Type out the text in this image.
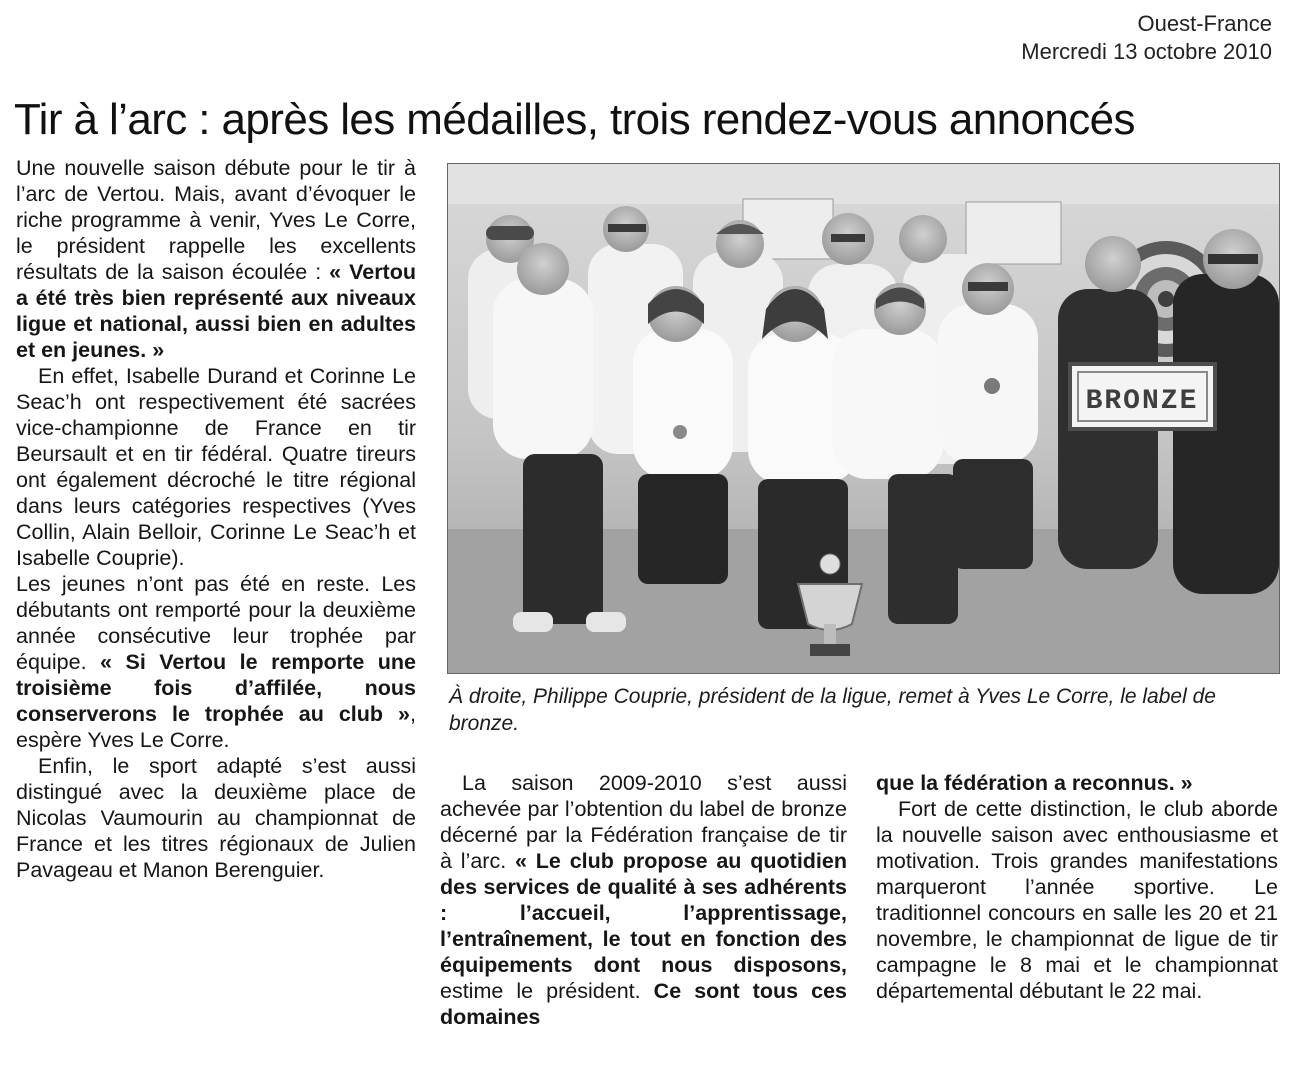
Ouest-France
Mercredi 13 octobre 2010
Tir à l’arc : après les médailles, trois rendez-vous annoncés

Une nouvelle saison débute pour le tir à l’arc de Vertou. Mais, avant d’évoquer le riche programme à venir, Yves Le Corre, le président rappelle les excellents résultats de la saison écoulée : « Vertou a été très bien représenté aux niveaux ligue et national, aussi bien en adultes et en jeunes. »

En effet, Isabelle Durand et Corinne Le Seac’h ont respectivement été sacrées vice-championne de France en tir Beursault et en tir fédéral. Quatre tireurs ont également décroché le titre régional dans leurs catégories respectives (Yves Collin, Alain Belloir, Corinne Le Seac’h et Isabelle Couprie).

Les jeunes n’ont pas été en reste. Les débutants ont remporté pour la deuxième année consécutive leur trophée par équipe. « Si Vertou le remporte une troisième fois d’affilée, nous conserverons le trophée au club », espère Yves Le Corre.

Enfin, le sport adapté s’est aussi distingué avec la deuxième place de Nicolas Vaumourin au championnat de France et les titres régionaux de Julien Pavageau et Manon Berenguier.

BRONZE
À droite, Philippe Couprie, président de la ligue, remet à Yves Le Corre, le label de bronze.

La saison 2009-2010 s’est aussi achevée par l’obtention du label de bronze décerné par la Fédération française de tir à l’arc. « Le club propose au quotidien des services de qualité à ses adhérents : l’accueil, l’apprentissage, l’entraînement, le tout en fonction des équipements dont nous disposons, estime le président. Ce sont tous ces domaines

que la fédération a reconnus. »

Fort de cette distinction, le club aborde la nouvelle saison avec enthousiasme et motivation. Trois grandes manifestations marqueront l’année sportive. Le traditionnel concours en salle les 20 et 21 novembre, le championnat de ligue de tir campagne le 8 mai et le championnat départemental débutant le 22 mai.
